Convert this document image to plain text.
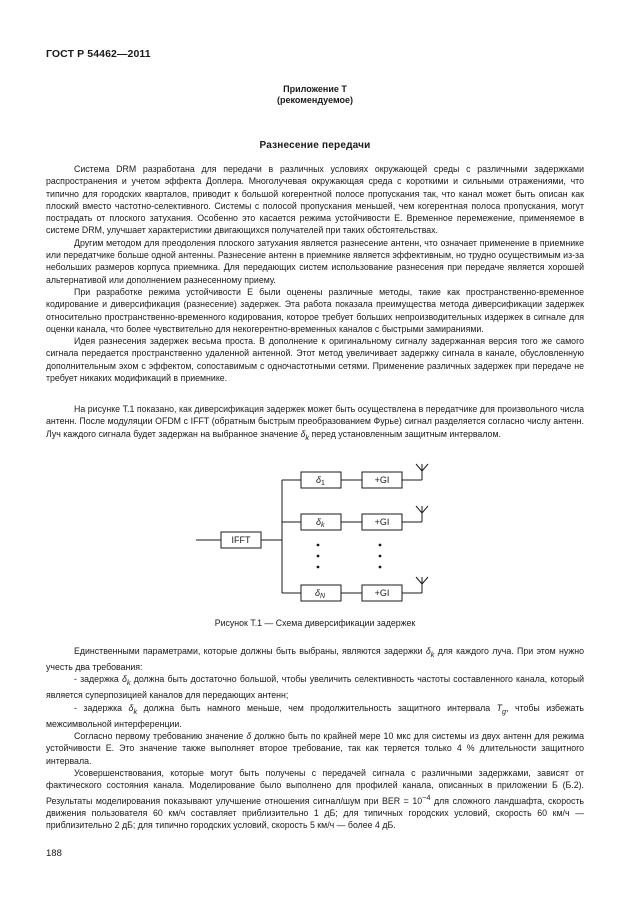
ГОСТ Р 54462—2011
Приложение Т
(рекомендуемое)
Разнесение передачи

Система DRM разработана для передачи в различных условиях окружающей среды с различными задержками распространения и учетом эффекта Доплера. Многолучевая окружающая среда с короткими и сильными отражениями, что типично для городских кварталов, приводит к большой когерентной полосе пропускания так, что канал может быть описан как плоский вместо частотно-селективного. Системы с полосой пропускания меньшей, чем когерентная полоса пропускания, могут пострадать от плоского затухания. Особенно это касается режима устойчивости Е. Временное перемежение, применяемое в системе DRM, улучшает характеристики двигающихся получателей при таких обстоятельствах.

Другим методом для преодоления плоского затухания является разнесение антенн, что означает применение в приемнике или передатчике больше одной антенны. Разнесение антенн в приемнике является эффективным, но трудно осуществимым из-за небольших размеров корпуса приемника. Для передающих систем использование разнесения при передаче является хорошей альтернативой или дополнением разнесенному приему.

При разработке режима устойчивости Е были оценены различные методы, такие как пространственно-временное кодирование и диверсификация (разнесение) задержек. Эта работа показала преимущества метода диверсификации задержек относительно пространственно-временного кодирования, которое требует больших непроизводительных издержек в сигнале для оценки канала, что более чувствительно для некогерентно-временных каналов с быстрыми замираниями.

Идея разнесения задержек весьма проста. В дополнение к оригинальному сигналу задержанная версия того же самого сигнала передается пространственно удаленной антенной. Этот метод увеличивает задержку сигнала в канале, обусловленную дополнительным эхом с эффектом, сопоставимым с одночастотными сетями. Применение различных задержек при передаче не требует никаких модификаций в приемнике.

На рисунке Т.1 показано, как диверсификация задержек может быть осуществлена в передатчике для произвольного числа антенн. После модуляции OFDM с IFFT (обратным быстрым преобразованием Фурье) сигнал разделяется согласно числу антенн. Луч каждого сигнала будет задержан на выбранное значение $\delta_k$ перед установленным защитным интервалом.

IFFT
+GI
+GI
+GI
$\delta_1$
$\delta_k$
$\delta_N$
Рисунок Т.1 — Схема диверсификации задержек

Единственными параметрами, которые должны быть выбраны, являются задержки $\delta_k$ для каждого луча. При этом нужно учесть два требования:

- задержка $\delta_k$ должна быть достаточно большой, чтобы увеличить селективность частоты составленного канала, который является суперпозицией каналов для передающих антенн;

- задержка $\delta_k$ должна быть намного меньше, чем продолжительность защитного интервала $T_g$, чтобы избежать межсимвольной интерференции.

Согласно первому требованию значение δ должно быть по крайней мере 10 мкс для системы из двух антенн для режима устойчивости Е. Это значение также выполняет второе требование, так как теряется только 4 % длительности защитного интервала.

Усовершенствования, которые могут быть получены с передачей сигнала с различными задержками, зависят от фактического состояния канала. Моделирование было выполнено для профилей канала, описанных в приложении Б (Б.2). Результаты моделирования показывают улучшение отношения сигнал/шум при BER = $10^{-4}$ для сложного ландшафта, скорость движения пользователя 60 км/ч составляет приблизительно 1 дБ; для типичных городских условий, скорость 60 км/ч — приблизительно 2 дБ; для типично городских условий, скорость 5 км/ч — более 4 дБ.

188
